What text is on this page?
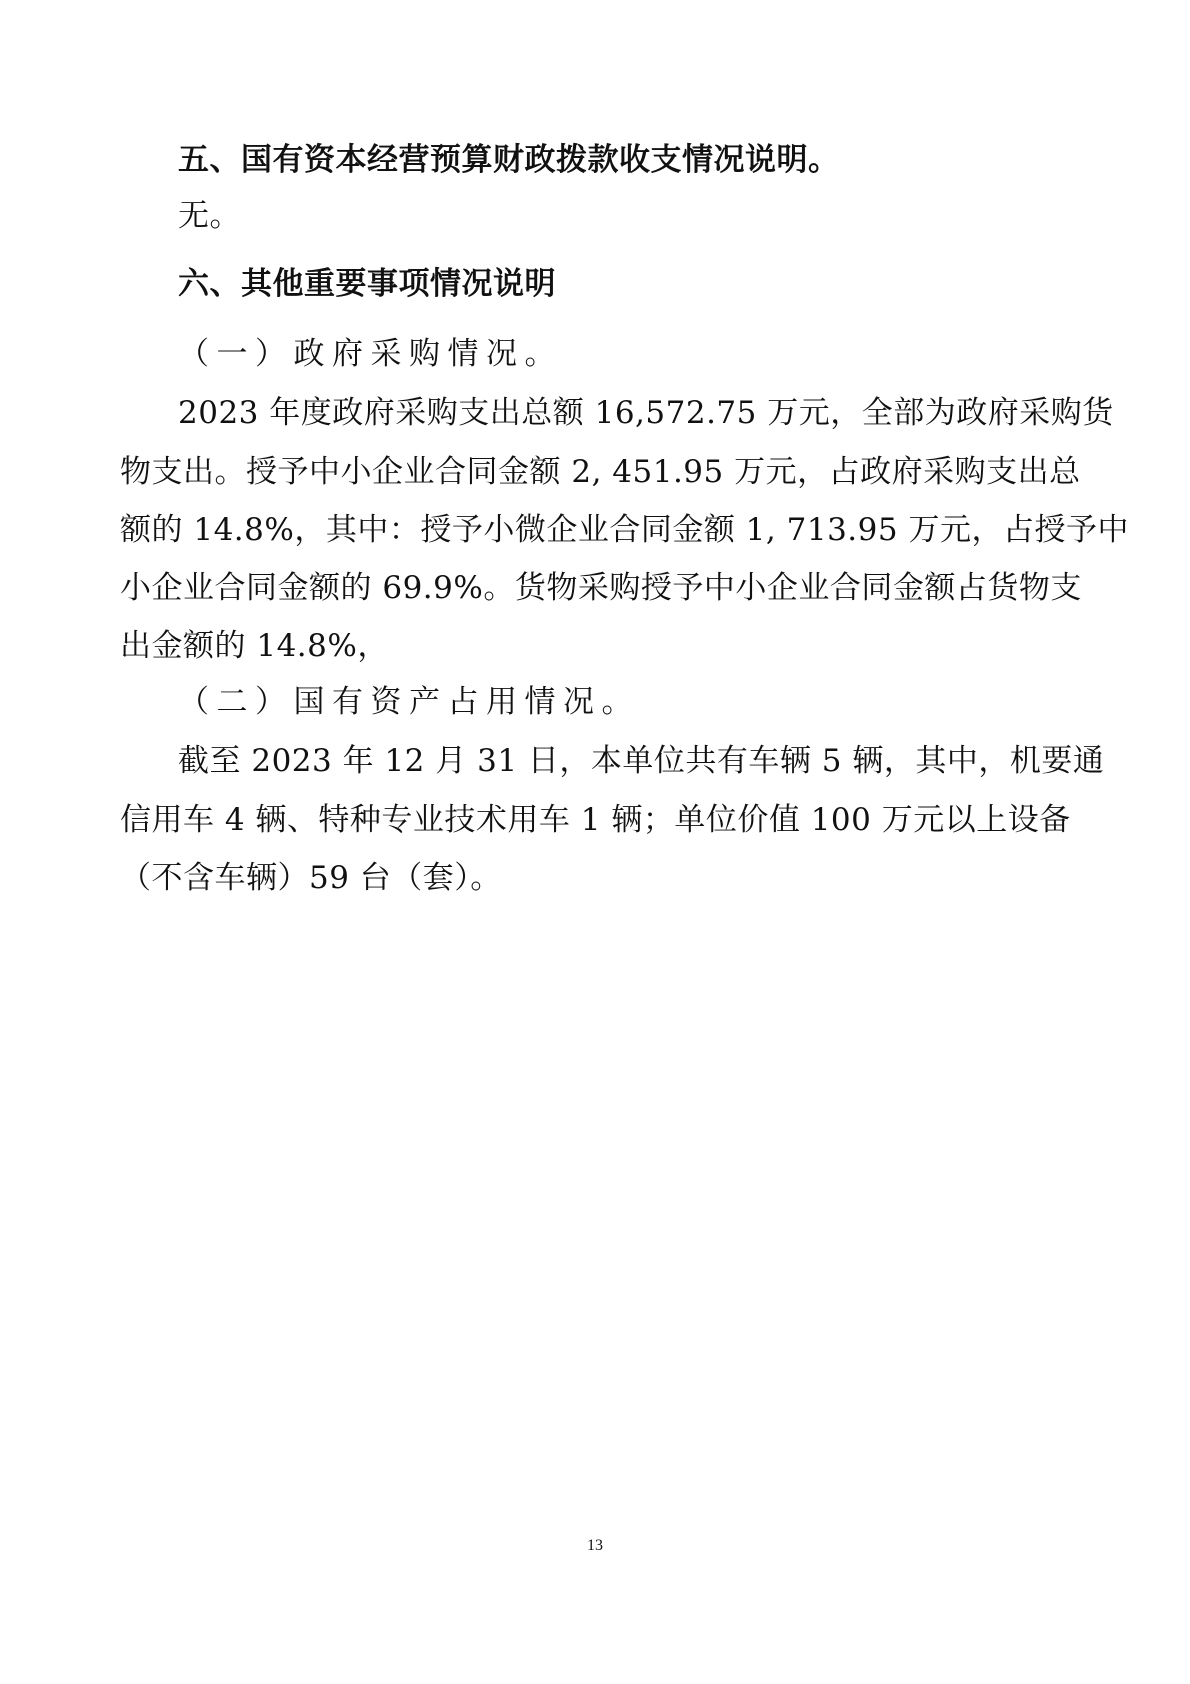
五、国有资本经营预算财政拨款收支情况说明。
无。
六、其他重要事项情况说明
（一）政府采购情况。
2023 年度政府采购支出总额 16,572.75 万元，全部为政府采购货
物支出。授予中小企业合同金额 2, 451.95 万元，占政府采购支出总
额的 14.8%，其中：授予小微企业合同金额 1, 713.95 万元，占授予中
小企业合同金额的 69.9%。货物采购授予中小企业合同金额占货物支
出金额的 14.8%，
（二）国有资产占用情况。
截至 2023 年 12 月 31 日，本单位共有车辆 5 辆，其中，机要通
信用车 4 辆、特种专业技术用车 1 辆；单位价值 100 万元以上设备
（不含车辆）59 台（套）。
13
